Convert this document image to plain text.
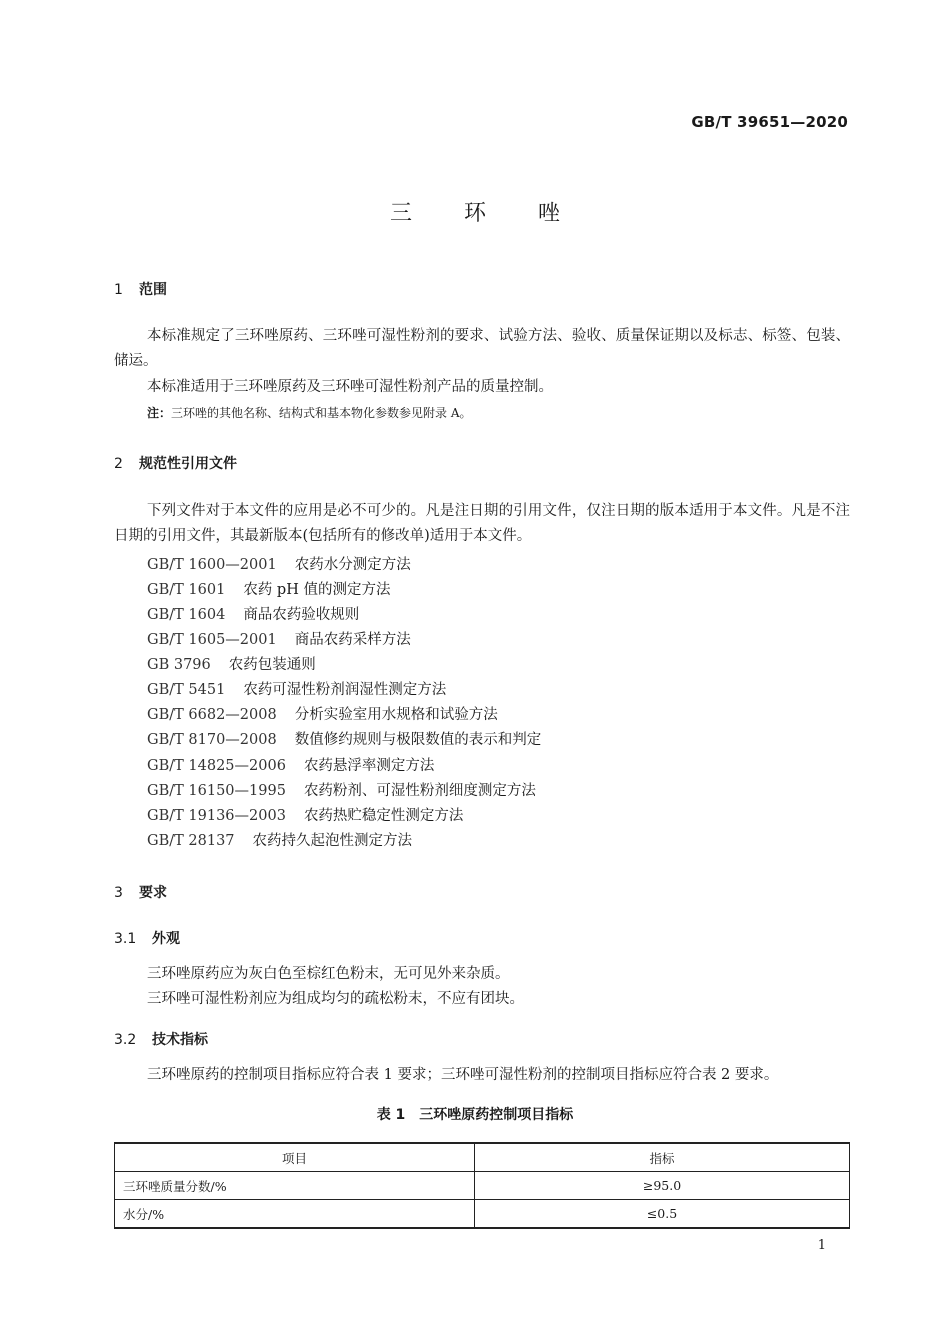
GB/T 39651—2020
三 环 唑
1 范围
本标准规定了三环唑原药、三环唑可湿性粉剂的要求、试验方法、验收、质量保证期以及标志、标签、包装、储运。
本标准适用于三环唑原药及三环唑可湿性粉剂产品的质量控制。
注：三环唑的其他名称、结构式和基本物化参数参见附录 A。
2 规范性引用文件
下列文件对于本文件的应用是必不可少的。凡是注日期的引用文件，仅注日期的版本适用于本文件。凡是不注日期的引用文件，其最新版本(包括所有的修改单)适用于本文件。
GB/T 1600—2001 农药水分测定方法
GB/T 1601 农药 pH 值的测定方法
GB/T 1604 商品农药验收规则
GB/T 1605—2001 商品农药采样方法
GB 3796 农药包装通则
GB/T 5451 农药可湿性粉剂润湿性测定方法
GB/T 6682—2008 分析实验室用水规格和试验方法
GB/T 8170—2008 数值修约规则与极限数值的表示和判定
GB/T 14825—2006 农药悬浮率测定方法
GB/T 16150—1995 农药粉剂、可湿性粉剂细度测定方法
GB/T 19136—2003 农药热贮稳定性测定方法
GB/T 28137 农药持久起泡性测定方法
3 要求
3.1 外观
三环唑原药应为灰白色至棕红色粉末，无可见外来杂质。
三环唑可湿性粉剂应为组成均匀的疏松粉末，不应有团块。
3.2 技术指标
三环唑原药的控制项目指标应符合表 1 要求；三环唑可湿性粉剂的控制项目指标应符合表 2 要求。
表 1　三环唑原药控制项目指标
项目	指标
三环唑质量分数/%	≥95.0
水分/%	≤0.5
1
